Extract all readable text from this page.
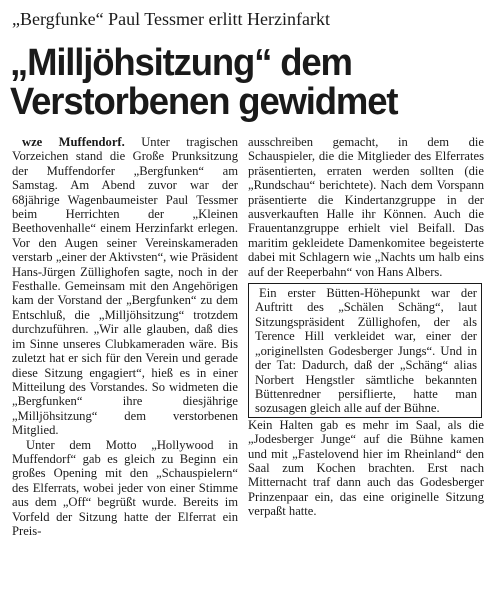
„Bergfunke“ Paul Tessmer erlitt Herzinfarkt
„Milljöhsitzung“ dem
Verstorbenen gewidmet

wze Muffendorf. Unter tragischen Vorzeichen stand die Große Prunksitzung der Muffendorfer „Bergfunken“ am Samstag. Am Abend zuvor war der 68jährige Wagenbaumeister Paul Tessmer beim Herrichten der „Kleinen Beethovenhalle“ einem Herzinfarkt erlegen. Vor den Augen seiner Vereinskameraden verstarb „einer der Aktivsten“, wie Präsident Hans-Jürgen Züllighofen sagte, noch in der Festhalle. Gemeinsam mit den Angehörigen kam der Vorstand der „Bergfunken“ zu dem Entschluß, die „Milljöhsitzung“ trotzdem durchzuführen. „Wir alle glauben, daß dies im Sinne unseres Clubkameraden wäre. Bis zuletzt hat er sich für den Verein und gerade diese Sitzung engagiert“, hieß es in einer Mitteilung des Vorstandes. So widmeten die „Bergfunken“ ihre diesjährige „Milljöhsitzung“ dem verstorbenen Mitglied.

Unter dem Motto „Hollywood in Muffendorf“ gab es gleich zu Beginn ein großes Opening mit den „Schauspielern“ des Elferrats, wobei jeder von einer Stimme aus dem „Off“ begrüßt wurde. Bereits im Vorfeld der Sitzung hatte der Elferrat ein Preis-

ausschreiben gemacht, in dem die Schauspieler, die die Mitglieder des Elferrates präsentierten, erraten werden sollten (die „Rundschau“ berichtete). Nach dem Vorspann präsentierte die Kindertanzgruppe in der ausverkauften Halle ihr Können. Auch die Frauentanzgruppe erhielt viel Beifall. Das maritim gekleidete Damenkomitee begeisterte dabei mit Schlagern wie „Nachts um halb eins auf der Reeperbahn“ von Hans Albers.

Ein erster Bütten-Höhepunkt war der Auftritt des „Schälen Schäng“, laut Sitzungspräsident Züllighofen, der als Terence Hill verkleidet war, einer der „originellsten Godesberger Jungs“. Und in der Tat: Dadurch, daß der „Schäng“ alias Norbert Hengstler sämtliche bekannten Büttenredner persiflierte, hatte man sozusagen gleich alle auf der Bühne.

Kein Halten gab es mehr im Saal, als die „Jodesberger Junge“ auf die Bühne kamen und mit „Fastelovend hier im Rheinland“ den Saal zum Kochen brachten. Erst nach Mitternacht traf dann auch das Godesberger Prinzenpaar ein, das eine originelle Sitzung verpaßt hatte.
